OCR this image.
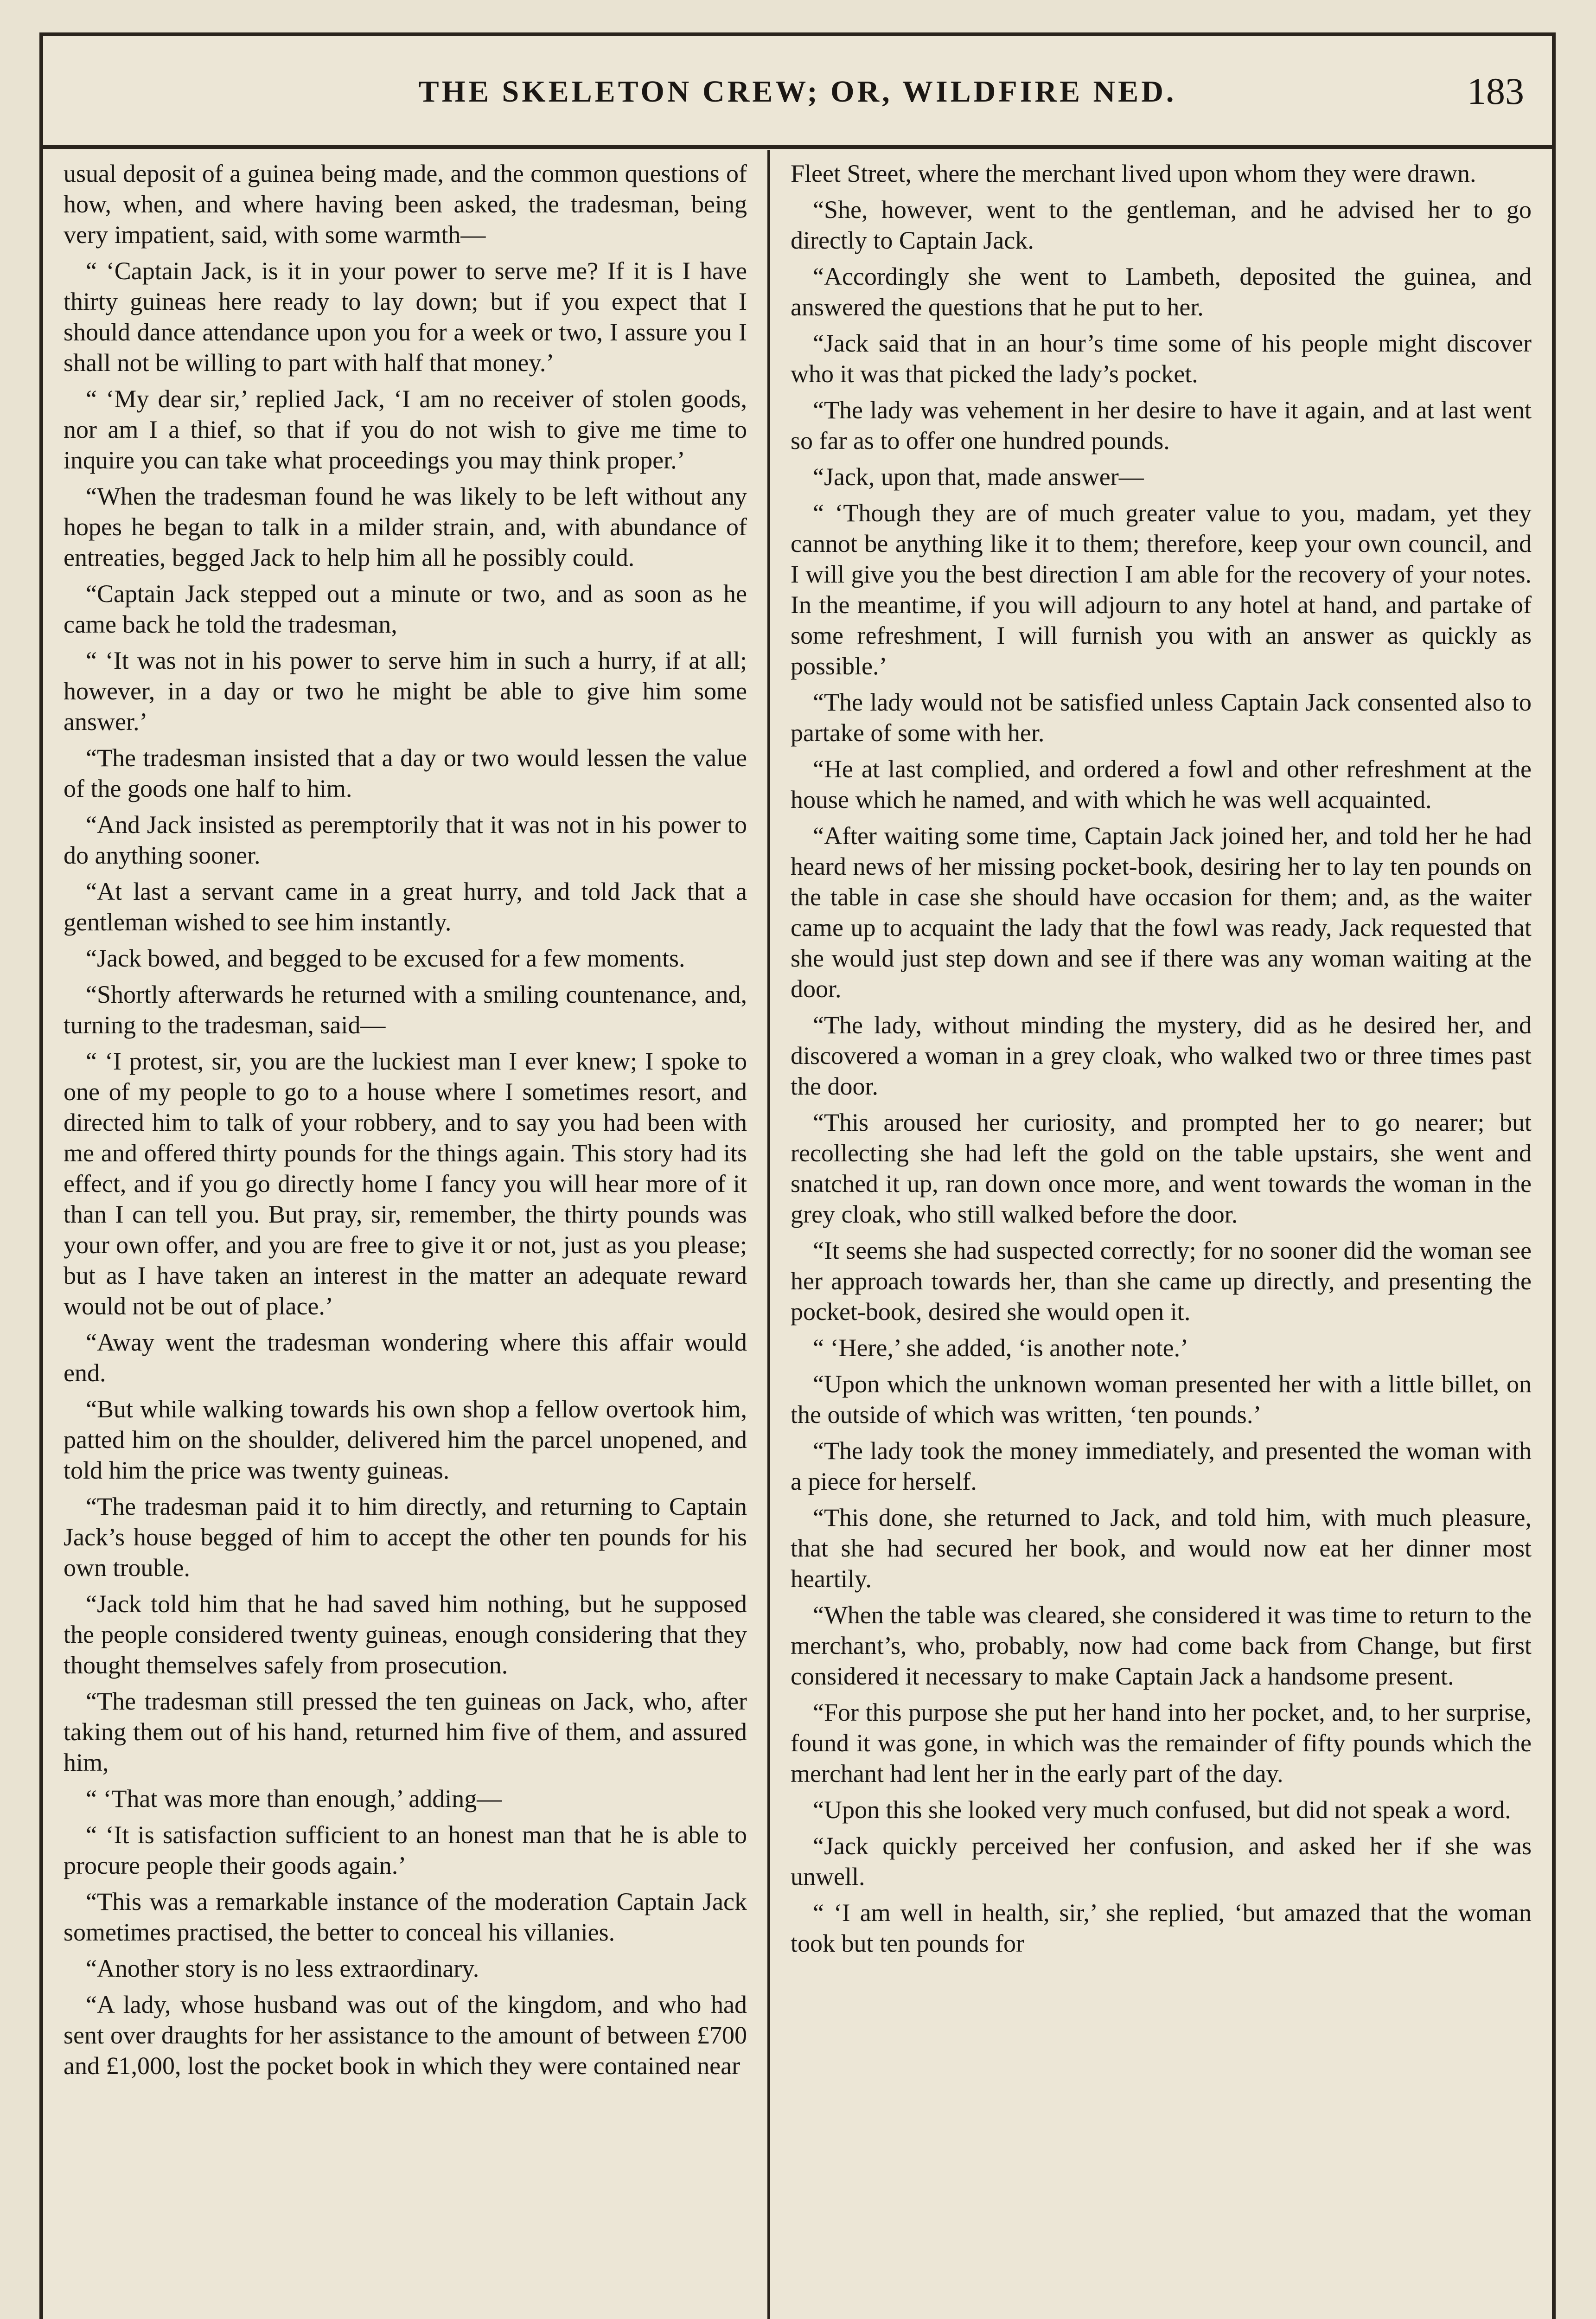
THE SKELETON CREW; OR, WILDFIRE NED.	183

usual deposit of a guinea being made, and the common questions of how, when, and where having been asked, the tradesman, being very impatient, said, with some warmth—

“ ‘Captain Jack, is it in your power to serve me? If it is I have thirty guineas here ready to lay down; but if you expect that I should dance attendance upon you for a week or two, I assure you I shall not be willing to part with half that money.’

“ ‘My dear sir,’ replied Jack, ‘I am no receiver of stolen goods, nor am I a thief, so that if you do not wish to give me time to inquire you can take what proceedings you may think proper.’

“When the tradesman found he was likely to be left without any hopes he began to talk in a milder strain, and, with abundance of entreaties, begged Jack to help him all he possibly could.

“Captain Jack stepped out a minute or two, and as soon as he came back he told the tradesman,

“ ‘It was not in his power to serve him in such a hurry, if at all; however, in a day or two he might be able to give him some answer.’

“The tradesman insisted that a day or two would lessen the value of the goods one half to him.

“And Jack insisted as peremptorily that it was not in his power to do anything sooner.

“At last a servant came in a great hurry, and told Jack that a gentleman wished to see him instantly.

“Jack bowed, and begged to be excused for a few moments.

“Shortly afterwards he returned with a smiling countenance, and, turning to the tradesman, said—

“ ‘I protest, sir, you are the luckiest man I ever knew; I spoke to one of my people to go to a house where I sometimes resort, and directed him to talk of your robbery, and to say you had been with me and offered thirty pounds for the things again. This story had its effect, and if you go directly home I fancy you will hear more of it than I can tell you. But pray, sir, remember, the thirty pounds was your own offer, and you are free to give it or not, just as you please; but as I have taken an interest in the matter an adequate reward would not be out of place.’

“Away went the tradesman wondering where this affair would end.

“But while walking towards his own shop a fellow overtook him, patted him on the shoulder, delivered him the parcel unopened, and told him the price was twenty guineas.

“The tradesman paid it to him directly, and returning to Captain Jack’s house begged of him to accept the other ten pounds for his own trouble.

“Jack told him that he had saved him nothing, but he supposed the people considered twenty guineas, enough considering that they thought themselves safely from prosecution.

“The tradesman still pressed the ten guineas on Jack, who, after taking them out of his hand, returned him five of them, and assured him,

“ ‘That was more than enough,’ adding—

“ ‘It is satisfaction sufficient to an honest man that he is able to procure people their goods again.’

“This was a remarkable instance of the moderation Captain Jack sometimes practised, the better to conceal his villanies.

“Another story is no less extraordinary.

“A lady, whose husband was out of the kingdom, and who had sent over draughts for her assistance to the amount of between £700 and £1,000, lost the pocket book in which they were contained near

Fleet Street, where the merchant lived upon whom they were drawn.

“She, however, went to the gentleman, and he advised her to go directly to Captain Jack.

“Accordingly she went to Lambeth, deposited the guinea, and answered the questions that he put to her.

“Jack said that in an hour’s time some of his people might discover who it was that picked the lady’s pocket.

“The lady was vehement in her desire to have it again, and at last went so far as to offer one hundred pounds.

“Jack, upon that, made answer—

“ ‘Though they are of much greater value to you, madam, yet they cannot be anything like it to them; therefore, keep your own council, and I will give you the best direction I am able for the recovery of your notes. In the meantime, if you will adjourn to any hotel at hand, and partake of some refreshment, I will furnish you with an answer as quickly as possible.’

“The lady would not be satisfied unless Captain Jack consented also to partake of some with her.

“He at last complied, and ordered a fowl and other refreshment at the house which he named, and with which he was well acquainted.

“After waiting some time, Captain Jack joined her, and told her he had heard news of her missing pocket-book, desiring her to lay ten pounds on the table in case she should have occasion for them; and, as the waiter came up to acquaint the lady that the fowl was ready, Jack requested that she would just step down and see if there was any woman waiting at the door.

“The lady, without minding the mystery, did as he desired her, and discovered a woman in a grey cloak, who walked two or three times past the door.

“This aroused her curiosity, and prompted her to go nearer; but recollecting she had left the gold on the table upstairs, she went and snatched it up, ran down once more, and went towards the woman in the grey cloak, who still walked before the door.

“It seems she had suspected correctly; for no sooner did the woman see her approach towards her, than she came up directly, and presenting the pocket-book, desired she would open it.

“ ‘Here,’ she added, ‘is another note.’

“Upon which the unknown woman presented her with a little billet, on the outside of which was written, ‘ten pounds.’

“The lady took the money immediately, and presented the woman with a piece for herself.

“This done, she returned to Jack, and told him, with much pleasure, that she had secured her book, and would now eat her dinner most heartily.

“When the table was cleared, she considered it was time to return to the merchant’s, who, probably, now had come back from Change, but first considered it necessary to make Captain Jack a handsome present.

“For this purpose she put her hand into her pocket, and, to her surprise, found it was gone, in which was the remainder of fifty pounds which the merchant had lent her in the early part of the day.

“Upon this she looked very much confused, but did not speak a word.

“Jack quickly perceived her confusion, and asked her if she was unwell.

“ ‘I am well in health, sir,’ she replied, ‘but amazed that the woman took but ten pounds for
